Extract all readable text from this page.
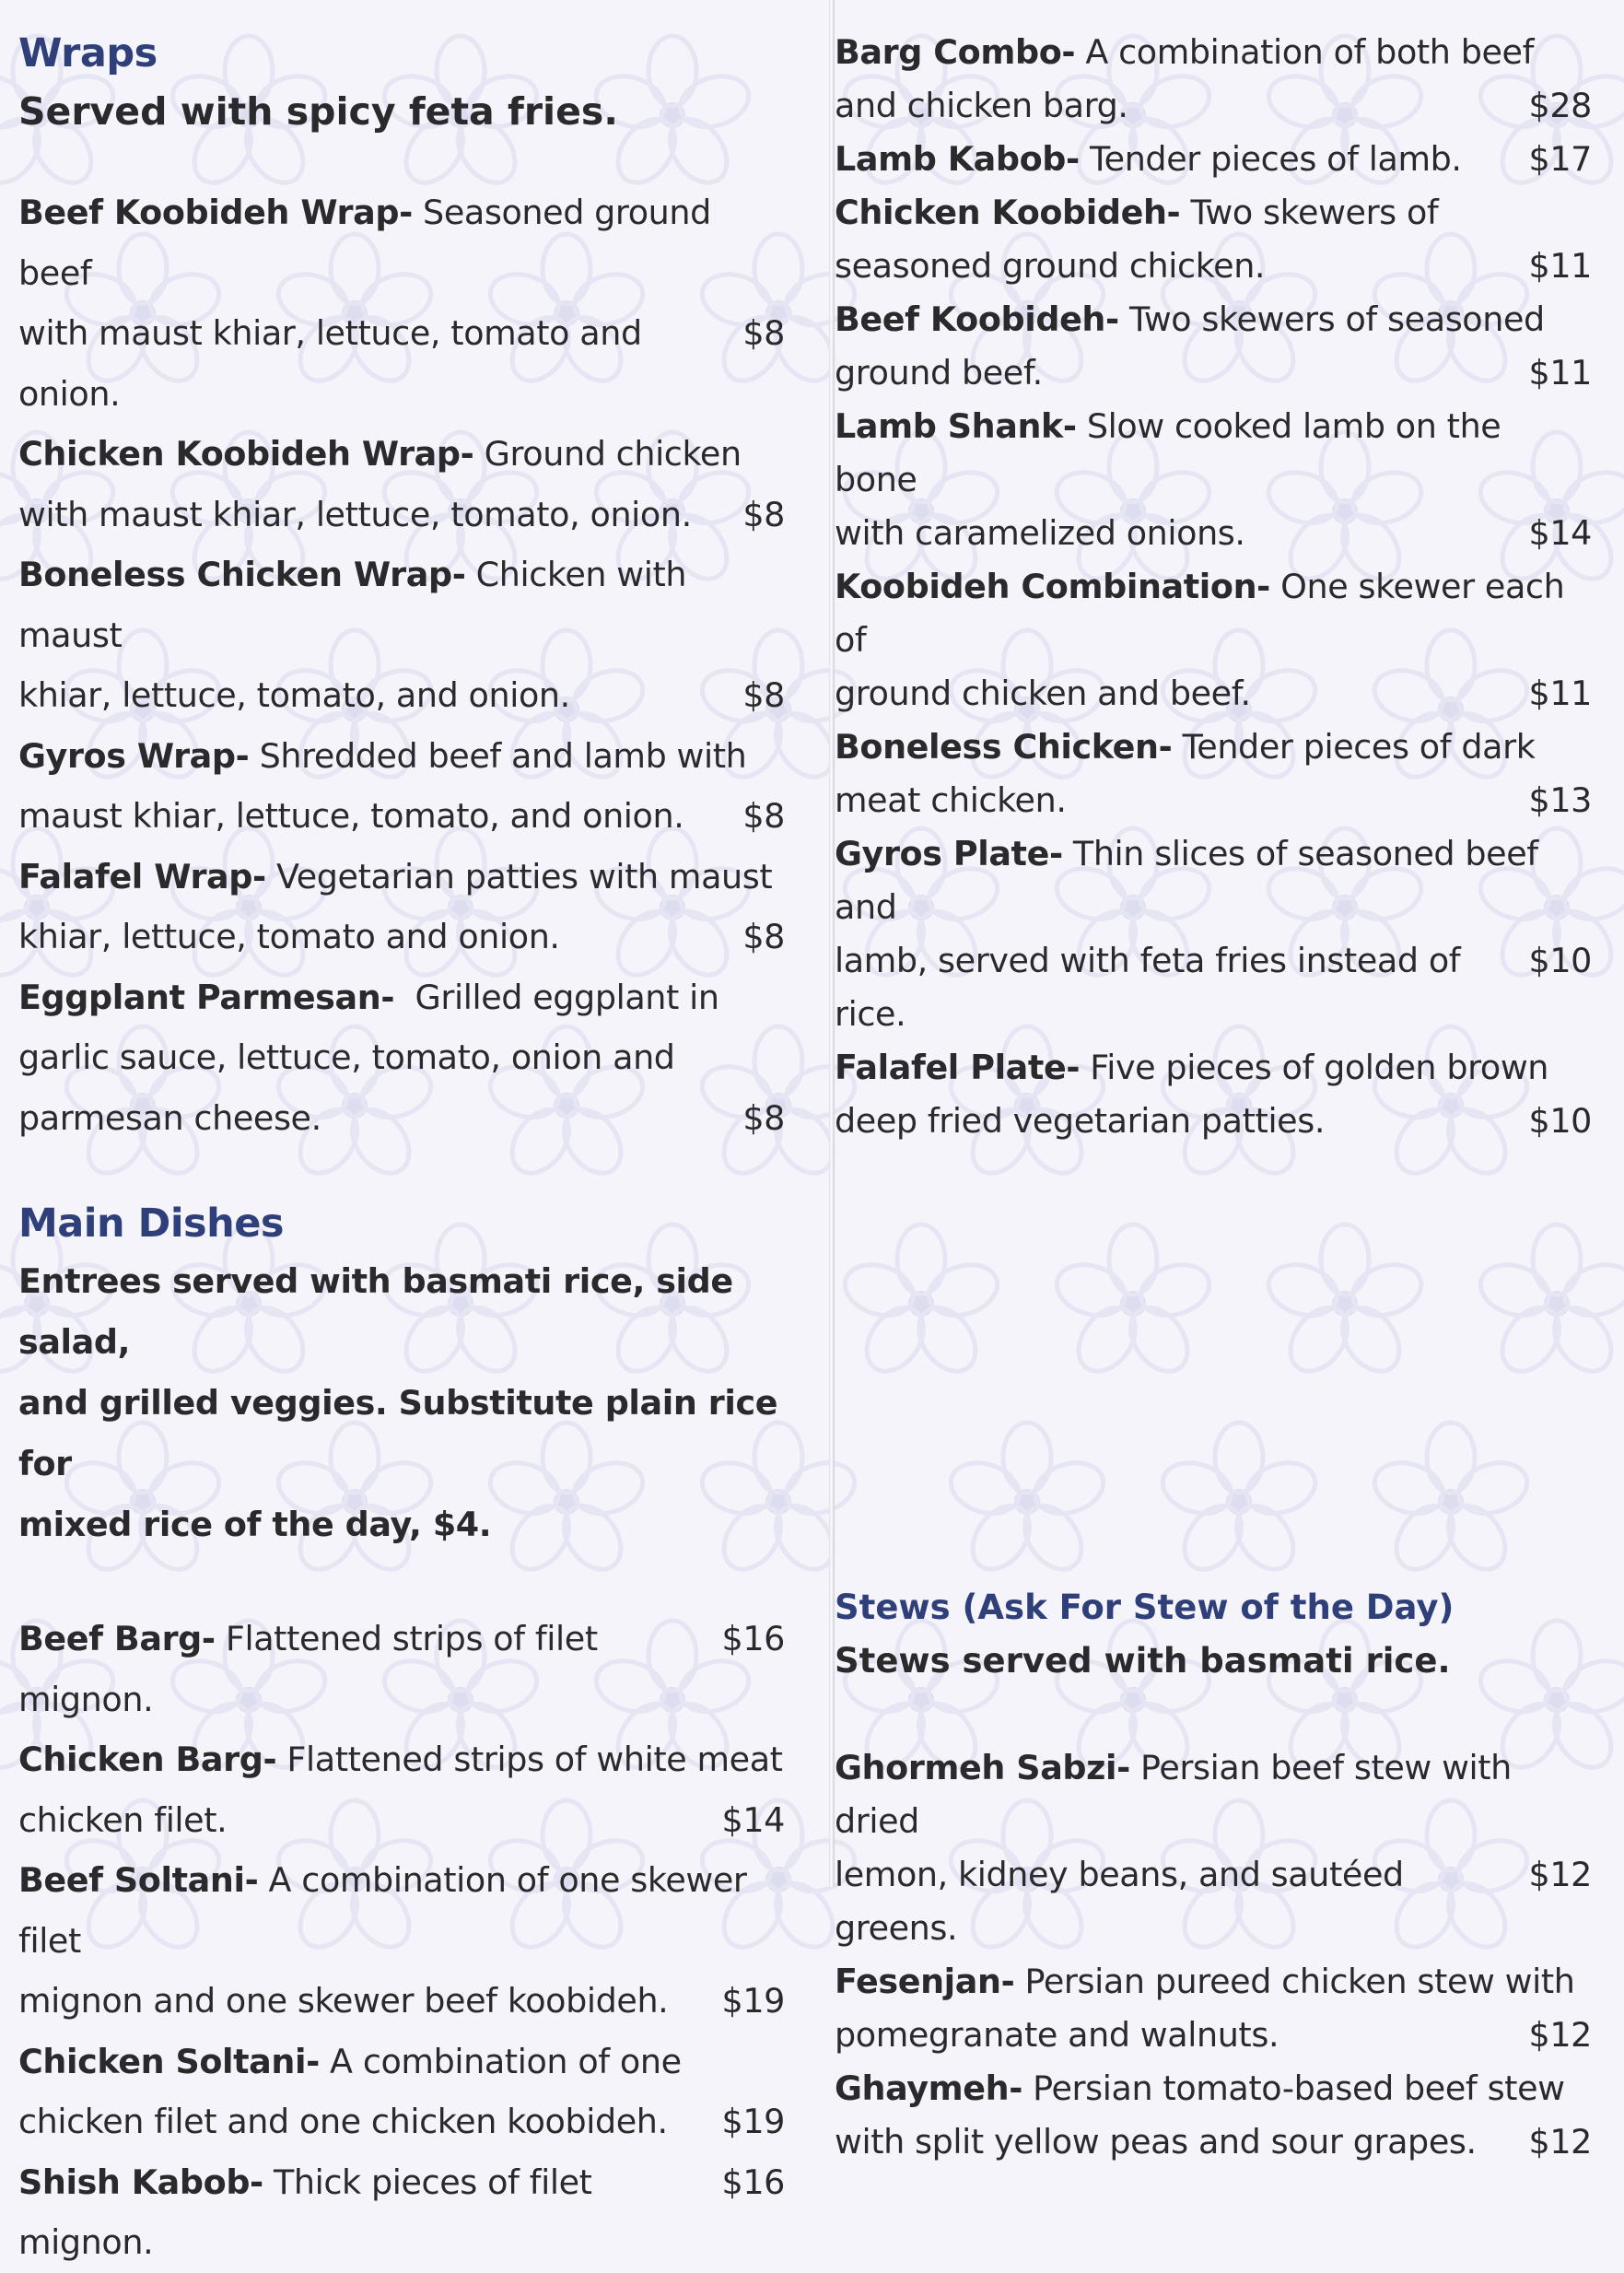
Wraps

Served with spicy feta fries.

Beef Koobideh Wrap- Seasoned ground beef
with maust khiar, lettuce, tomato and onion.
$8
Chicken Koobideh Wrap- Ground chicken
with maust khiar, lettuce, tomato, onion.	$8
Boneless Chicken Wrap- Chicken with maust
khiar, lettuce, tomato, and onion.	$8
Gyros Wrap- Shredded beef and lamb with
maust khiar, lettuce, tomato, and onion.	$8
Falafel Wrap- Vegetarian patties with maust
khiar, lettuce, tomato and onion.	$8
Eggplant Parmesan-  Grilled eggplant in
garlic sauce, lettuce, tomato, onion and
parmesan cheese.	$8
Main Dishes

Entrees served with basmati rice, side salad,

and grilled veggies. Substitute plain rice for

mixed rice of the day, $4.

Beef Barg- Flattened strips of filet mignon.
$16
Chicken Barg- Flattened strips of white meat
chicken filet.	$14
Beef Soltani- A combination of one skewer filet
mignon and one skewer beef koobideh.	$19
Chicken Soltani- A combination of one
chicken filet and one chicken koobideh.	$19
Shish Kabob- Thick pieces of filet mignon.
$16
Barg Combo- A combination of both beef
and chicken barg.	$28
Lamb Kabob- Tender pieces of lamb.	$17
Chicken Koobideh- Two skewers of
seasoned ground chicken.	$11
Beef Koobideh- Two skewers of seasoned
ground beef.	$11
Lamb Shank- Slow cooked lamb on the bone
with caramelized onions.	$14
Koobideh Combination- One skewer each of
ground chicken and beef.	$11
Boneless Chicken- Tender pieces of dark
meat chicken.	$13
Gyros Plate- Thin slices of seasoned beef and
lamb, served with feta fries instead of rice.
$10
Falafel Plate- Five pieces of golden brown
deep fried vegetarian patties.	$10
Stews (Ask For Stew of the Day)

Stews served with basmati rice.

Ghormeh Sabzi- Persian beef stew with dried
lemon, kidney beans, and sautéed greens.
$12
Fesenjan- Persian pureed chicken stew with
pomegranate and walnuts.	$12
Ghaymeh- Persian tomato-based beef stew
with split yellow peas and sour grapes.	$12
